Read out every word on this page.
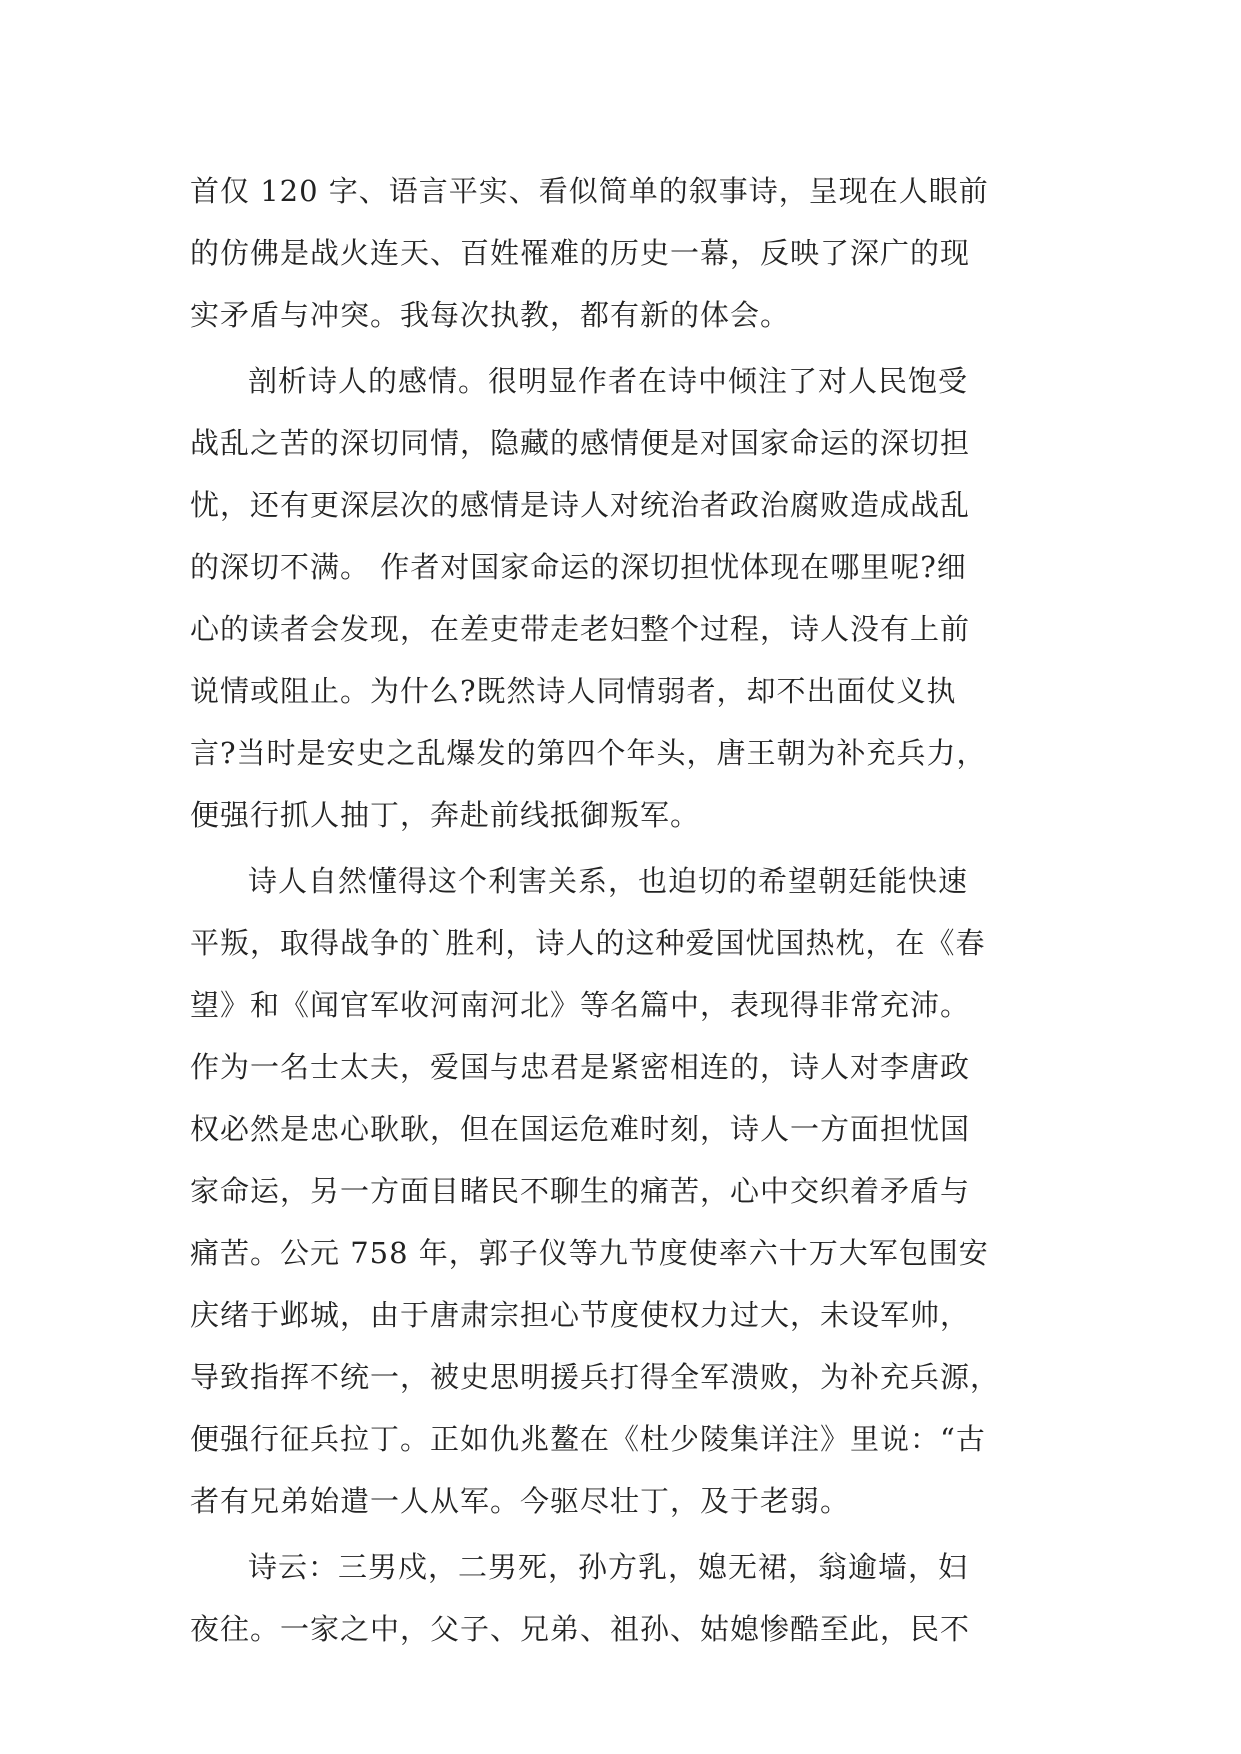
首仅 120 字、语言平实、看似简单的叙事诗，呈现在人眼前
的仿佛是战火连天、百姓罹难的历史一幕，反映了深广的现
实矛盾与冲突。我每次执教，都有新的体会。
剖析诗人的感情。很明显作者在诗中倾注了对人民饱受
战乱之苦的深切同情，隐藏的感情便是对国家命运的深切担
忧，还有更深层次的感情是诗人对统治者政治腐败造成战乱
的深切不满。 作者对国家命运的深切担忧体现在哪里呢?细
心的读者会发现，在差吏带走老妇整个过程，诗人没有上前
说情或阻止。为什么?既然诗人同情弱者，却不出面仗义执
言?当时是安史之乱爆发的第四个年头，唐王朝为补充兵力，
便强行抓人抽丁，奔赴前线抵御叛军。
诗人自然懂得这个利害关系，也迫切的希望朝廷能快速
平叛，取得战争的`胜利，诗人的这种爱国忧国热枕，在《春
望》和《闻官军收河南河北》等名篇中，表现得非常充沛。
作为一名士太夫，爱国与忠君是紧密相连的，诗人对李唐政
权必然是忠心耿耿，但在国运危难时刻，诗人一方面担忧国
家命运，另一方面目睹民不聊生的痛苦，心中交织着矛盾与
痛苦。公元 758 年，郭子仪等九节度使率六十万大军包围安
庆绪于邺城，由于唐肃宗担心节度使权力过大，未设军帅，
导致指挥不统一，被史思明援兵打得全军溃败，为补充兵源，
便强行征兵拉丁。正如仇兆鳌在《杜少陵集详注》里说：“古
者有兄弟始遣一人从军。今驱尽壮丁，及于老弱。
诗云：三男戍，二男死，孙方乳，媳无裙，翁逾墙，妇
夜往。一家之中，父子、兄弟、祖孙、姑媳惨酷至此，民不
